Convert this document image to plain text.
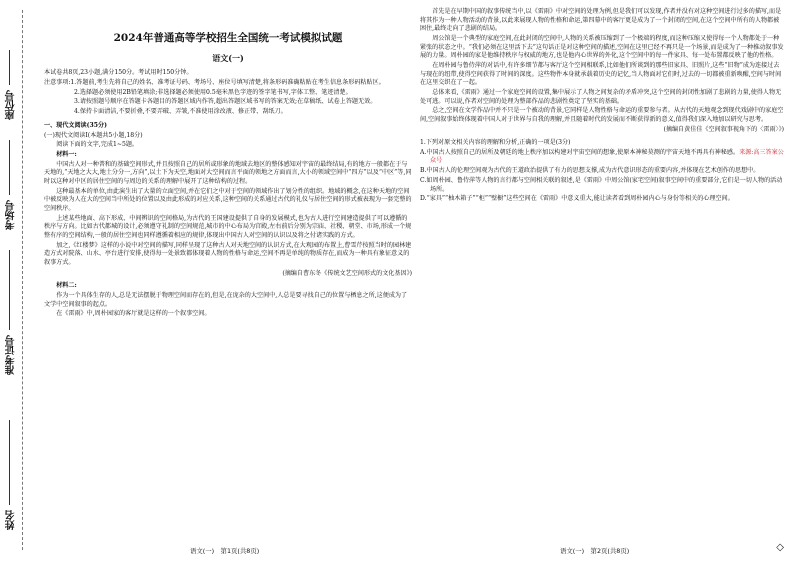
座位号
考场号
准考证号
姓名
2024年普通高等学校招生全国统一考试模拟试题
语文(一)

本试卷共8页,23小题,满分150分。考试用时150分钟。

注意事项:1.答题前,考生先将自己的姓名、准考证号码、考场号、座位号填写清楚,将条形码准确粘贴在考生信息条形码粘贴区。

2.选择题必须使用2B铅笔填涂;非选择题必须使用0.5毫米黑色字迹的签字笔书写,字体工整、笔迹清楚。

3.请按照题号顺序在答题卡各题目的答题区域内作答,超出答题区域书写的答案无效;在草稿纸、试卷上答题无效。

4.保持卡面清洁,不要折叠,不要弄破、弄皱,不准使用涂改液、修正带、刮纸刀。

一、现代文阅读(35分)

(一)现代文阅读Ⅰ(本题共5小题,18分)

阅读下面的文字,完成1~5题。

材料一:

中国古人对一种普和的基础空间形式,并且按照自己的居所或形象的地域去地区的整体感知对宇宙的最终结局,有的地方一般都在于与天地的,“天地之大大,地土分分一,方向”,以土下为天空,地面对大空间而言平面的领地之方面而言,大小的领域空间中“四方”以及“中区”等,同时以这种对中区的居住空间的与周边的关系的理解中展开了这种结构的过程。

这种最基本的单位,由此演生出了大量的立面空间,并在它们之中对于空间的领域作出了划分性的组织。地域的概念,在这种天地的空间中被反映为人在大的空间当中所处的位置以及由此形成的对应关系,这种空间的关系通过古代的礼仪与居住空间的形式被表现为一套完整的空间秩序。

上述某些地面、高下形成、中间辨识的空间格局,为古代的王国建设提供了自身的发展模式,也为古人进行空间建造提供了可以遵循的秩序与方向。比如古代都城的设计,必须遵守礼制的空间规范,城市的中心布局为宫殿,左右前后分别为宗庙、社稷、朝堂、市场,形成一个规整有序的空间结构,一般的居住空间也同样遵循着相应的规律,体现出中国古人对空间的认识以及将之付诸实践的方式。

加之,《红楼梦》这样的小说中对空间的描写,同样呈现了这种古人对天地空间的认识方式,在大观园的布置上,曹雪芹按照当时的园林建造方式对院落、山水、亭台进行安排,使得每一处景致都体现着人物的性格与命运,空间不再是单纯的物质存在,而成为一种具有象征意义的叙事方式。

(摘编自曹东冬《传统文艺空间形式的文化基因》)

材料二:

作为一个具体生存的人,总是无法摆脱于物理空间而存在的,但是,在庞杂的大空间中,人总是要寻找自己的位置与栖息之所,这便成为了文学中空间叙事的起点。

在《雷雨》中,周朴园家的客厅就是这样的一个叙事空间。

语文(一)　第1页(共8页)

首先是在早期中国的叙事传统当中,以《雷雨》中对空间的处理为例,但是我们可以发现,作者并没有对这种空间进行过多的描写,而是将其作为一种人物活动的背景,以此来展现人物的性格和命运,第四幕中的客厅更是成为了一个封闭的空间,在这个空间中所有的人物都被困住,最终走向了悲剧的结局。

周公馆是一个典型的家庭空间,在此封闭的空间中,人物的关系被压缩到了一个极端的程度,而这种压缩又使得每一个人物都处于一种紧张的状态之中。“我们必须在这里活下去”这句话正是对这种空间的描述,空间在这里已经不再只是一个场景,而是成为了一种推动叙事发展的力量。周朴园的家是他维持秩序与权威的地方,也是他内心世界的外化,这个空间中的每一件家具、每一处布置都反映了他的性格。

在周朴园与鲁侍萍的对话中,有许多细节都与客厅这个空间相联系,比如他们所谈到的那些旧家具、旧照片,这些“旧物”成为连接过去与现在的纽带,使得空间获得了时间的深度。这些物件本身就承载着历史的记忆,当人物面对它们时,过去的一切都被重新唤醒,空间与时间在这里交织在了一起。

总体来看,《雷雨》通过一个家庭空间的设置,集中展示了人物之间复杂的矛盾冲突,这个空间的封闭性加剧了悲剧的力量,使得人物无处可逃。可以说,作者对空间的处理为整部作品的悲剧性奠定了坚实的基础。

总之,空间在文学作品中并不只是一个被动的背景,它同样是人物性格与命运的重要参与者。从古代的天地观念到现代戏剧中的家庭空间,空间叙事始终体现着中国人对于世界与自我的理解,并且随着时代的发展而不断获得新的意义,值得我们深入地加以研究与思考。

(摘编自黄佳佳《空间叙事视角下的〈雷雨〉》)

1.下列对原文相关内容的理解和分析,正确的一项是(3分)

A.中国古人按照自己的居所及朝廷的地上秩序加以构建对宇宙空间的想象,使原本神秘莫测的宇宙天地不再具有神秘感。来源:高三答案公众号

B.中国古人的伦理空间观为古代的王道政治提供了有力的思想支撑,成为古代意识形态的重要内容,并体现在艺术创作的思想中。

C.如周朴园、鲁侍萍等人物的言行都与空间相关联的叙述,是《雷雨》中周公馆(家宅空间)叙事空间中的重要部分,它们是一切人物的活动场所。

D.“家具”“柚木箱子”“柜”“壁橱”这些空间在《雷雨》中意义重大,能让读者看到周朴园内心与身份等相关的心理空间。

语文(一)　第2页(共8页)	◇
